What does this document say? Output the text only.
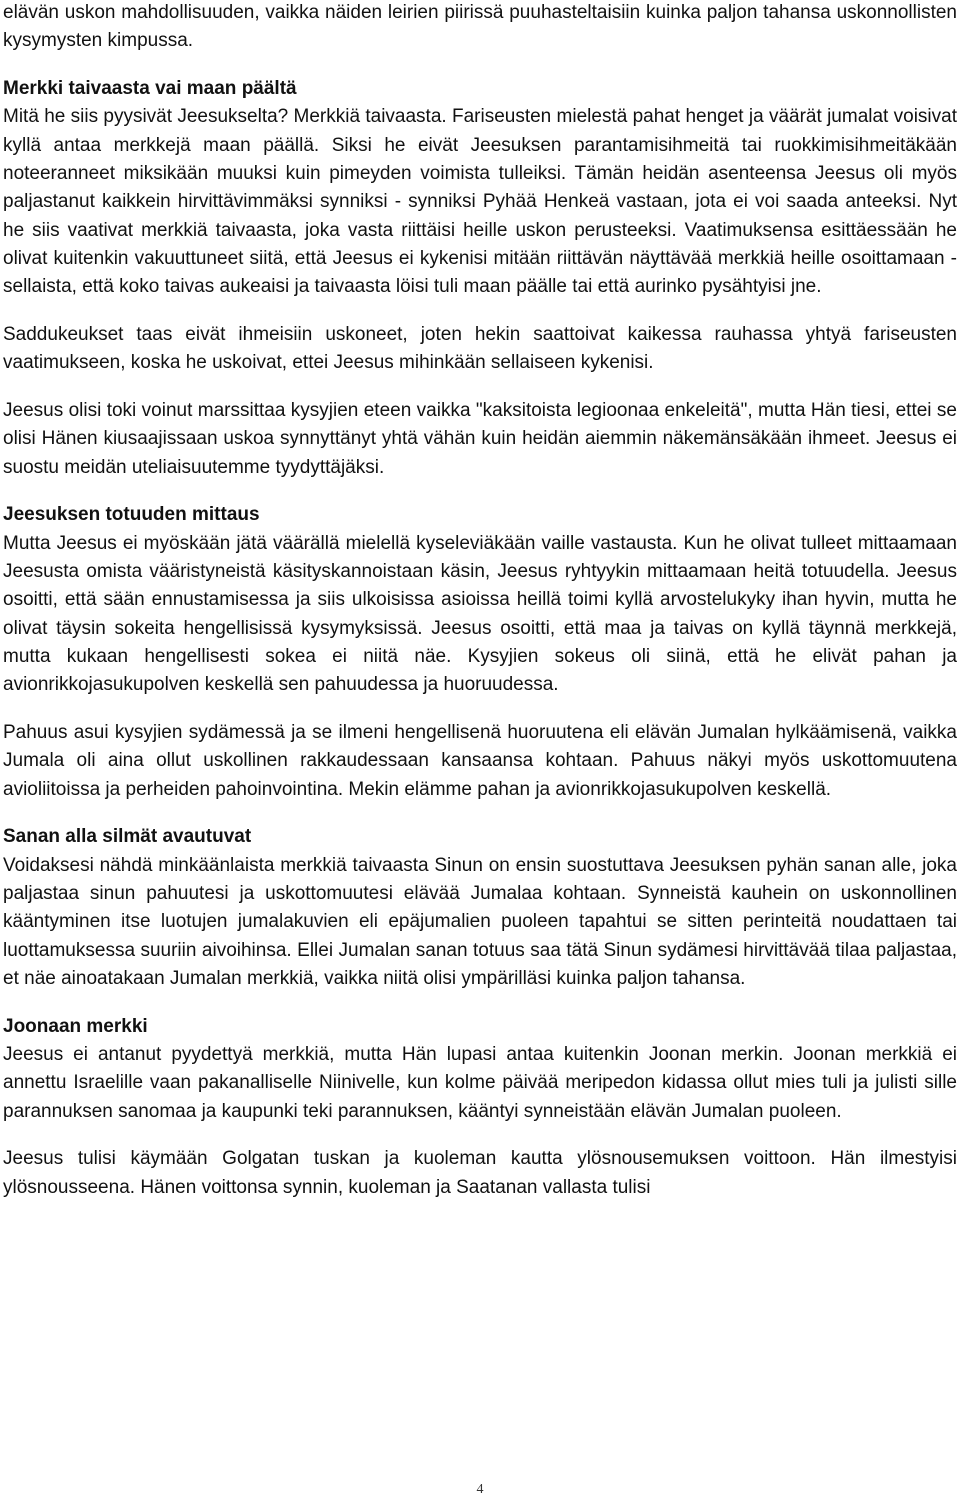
elävän uskon mahdollisuuden, vaikka näiden leirien piirissä puuhasteltaisiin kuinka paljon tahansa uskonnollisten kysymysten kimpussa.
Merkki taivaasta vai maan päältä
Mitä he siis pyysivät Jeesukselta? Merkkiä taivaasta. Fariseusten mielestä pahat henget ja väärät jumalat voisivat kyllä antaa merkkejä maan päällä. Siksi he eivät Jeesuksen parantamisihmeitä tai ruokkimisihmeitäkään noteeranneet miksikään muuksi kuin pimeyden voimista tulleiksi. Tämän heidän asenteensa Jeesus oli myös paljastanut kaikkein hirvittävimmäksi synniksi - synniksi Pyhää Henkeä vastaan, jota ei voi saada anteeksi. Nyt he siis vaativat merkkiä taivaasta, joka vasta riittäisi heille uskon perusteeksi. Vaatimuksensa esittäessään he olivat kuitenkin vakuuttuneet siitä, että Jeesus ei kykenisi mitään riittävän näyttävää merkkiä heille osoittamaan - sellaista, että koko taivas aukeaisi ja taivaasta löisi tuli maan päälle tai että aurinko pysähtyisi jne.
Saddukeukset taas eivät ihmeisiin uskoneet, joten hekin saattoivat kaikessa rauhassa yhtyä fariseusten vaatimukseen, koska he uskoivat, ettei Jeesus mihinkään sellaiseen kykenisi.
Jeesus olisi toki voinut marssittaa kysyjien eteen vaikka "kaksitoista legioonaa enkeleitä", mutta Hän tiesi, ettei se olisi Hänen kiusaajissaan uskoa synnyttänyt yhtä vähän kuin heidän aiemmin näkemänsäkään ihmeet. Jeesus ei suostu meidän uteliaisuutemme tyydyttäjäksi.
Jeesuksen totuuden mittaus
Mutta Jeesus ei myöskään jätä väärällä mielellä kyseleviäkään vaille vastausta. Kun he olivat tulleet mittaamaan Jeesusta omista vääristyneistä käsityskannoistaan käsin, Jeesus ryhtyykin mittaamaan heitä totuudella. Jeesus osoitti, että sään ennustamisessa ja siis ulkoisissa asioissa heillä toimi kyllä arvostelukyky ihan hyvin, mutta he olivat täysin sokeita hengellisissä kysymyksissä. Jeesus osoitti, että maa ja taivas on kyllä täynnä merkkejä, mutta kukaan hengellisesti sokea ei niitä näe. Kysyjien sokeus oli siinä, että he elivät pahan ja avionrikkojasukupolven keskellä sen pahuudessa ja huoruudessa.
Pahuus asui kysyjien sydämessä ja se ilmeni hengellisenä huoruutena eli elävän Jumalan hylkäämisenä, vaikka Jumala oli aina ollut uskollinen rakkaudessaan kansaansa kohtaan. Pahuus näkyi myös uskottomuutena avioliitoissa ja perheiden pahoinvointina. Mekin elämme pahan ja avionrikkojasukupolven keskellä.
Sanan alla silmät avautuvat
Voidaksesi nähdä minkäänlaista merkkiä taivaasta Sinun on ensin suostuttava Jeesuksen pyhän sanan alle, joka paljastaa sinun pahuutesi ja uskottomuutesi elävää Jumalaa kohtaan. Synneistä kauhein on uskonnollinen kääntyminen itse luotujen jumalakuvien eli epäjumalien puoleen tapahtui se sitten perinteitä noudattaen tai luottamuksessa suuriin aivoihinsa. Ellei Jumalan sanan totuus saa tätä Sinun sydämesi hirvittävää tilaa paljastaa, et näe ainoatakaan Jumalan merkkiä, vaikka niitä olisi ympärilläsi kuinka paljon tahansa.
Joonaan merkki
Jeesus ei antanut pyydettyä merkkiä, mutta Hän lupasi antaa kuitenkin Joonan merkin. Joonan merkkiä ei annettu Israelille vaan pakanalliselle Niinivelle, kun kolme päivää meripedon kidassa ollut mies tuli ja julisti sille parannuksen sanomaa ja kaupunki teki parannuksen, kääntyi synneistään elävän Jumalan puoleen.
Jeesus tulisi käymään Golgatan tuskan ja kuoleman kautta ylösnousemuksen voittoon. Hän ilmestyisi ylösnousseena. Hänen voittonsa synnin, kuoleman ja Saatanan vallasta tulisi
4
